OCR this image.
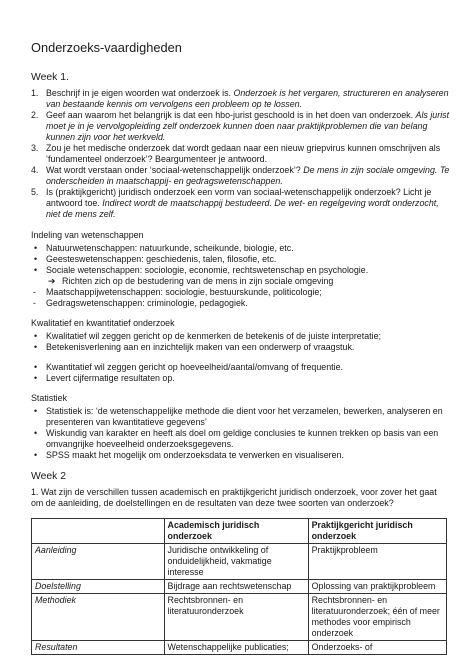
Onderzoeks-vaardigheden
Week 1.
1. Beschrijf in je eigen woorden wat onderzoek is. Onderzoek is het vergaren, structureren en analyseren van bestaande kennis om vervolgens een probleem op te lossen.
2. Geef aan waarom het belangrijk is dat een hbo-jurist geschoold is in het doen van onderzoek. Als jurist moet je in je vervolgopleiding zelf onderzoek kunnen doen naar praktijkproblemen die van belang kunnen zijn voor het werkveld.
3. Zou je het medische onderzoek dat wordt gedaan naar een nieuw griepvirus kunnen omschrijven als ‘fundamenteel onderzoek’? Beargumenteer je antwoord.
4. Wat wordt verstaan onder ‘sociaal-wetenschappelijk onderzoek’? De mens in zijn sociale omgeving. Te onderscheiden in maatschappij- en gedragswetenschappen.
5. Is (praktijkgericht) juridisch onderzoek een vorm van sociaal-wetenschappelijk onderzoek? Licht je antwoord toe. Indirect wordt de maatschappij bestudeerd. De wet- en regelgeving wordt onderzocht, niet de mens zelf.
Indeling van wetenschappen
• Natuurwetenschappen: natuurkunde, scheikunde, biologie, etc.
• Geesteswetenschappen: geschiedenis, talen, filosofie, etc.
• Sociale wetenschappen: sociologie, economie, rechtswetenschap en psychologie.
➔ Richten zich op de bestudering van de mens in zijn sociale omgeving
- Maatschappijwetenschappen: sociologie, bestuurskunde, politicologie;
- Gedragswetenschappen: criminologie, pedagogiek.
Kwalitatief en kwantitatief onderzoek
• Kwalitatief wil zeggen gericht op de kenmerken de betekenis of de juiste interpretatie;
• Betekenisverlening aan en inzichtelijk maken van een onderwerp of vraagstuk.
• Kwantitatief wil zeggen gericht op hoeveelheid/aantal/omvang of frequentie.
• Levert cijfermatige resultaten op.
Statistiek
• Statistiek is: ‘de wetenschappelijke methode die dient voor het verzamelen, bewerken, analyseren en presenteren van kwantitatieve gegevens’
• Wiskundig van karakter en heeft als doel om geldige conclusies te kunnen trekken op basis van een omvangrijke hoeveelheid onderzoeksgegevens.
• SPSS maakt het mogelijk om onderzoeksdata te verwerken en visualiseren.
Week 2
1. Wat zijn de verschillen tussen academisch en praktijkgericht juridisch onderzoek, voor zover het gaat om de aanleiding, de doelstellingen en de resultaten van deze twee soorten van onderzoek?
	Academisch juridisch onderzoek	Praktijkgericht juridisch onderzoek
Aanleiding	Juridische ontwikkeling of onduidelijkheid, vakmatige interesse	Praktijkprobleem
Doelstelling	Bijdrage aan rechtswetenschap	Oplossing van praktijkprobleem
Methodiek	Rechtsbronnen- en literatuuronderzoek	Rechtsbronnen- en literatuuronderzoek; één of meer methodes voor empirisch onderzoek
Resultaten	Wetenschappelijke publicaties;	Onderzoeks- of
